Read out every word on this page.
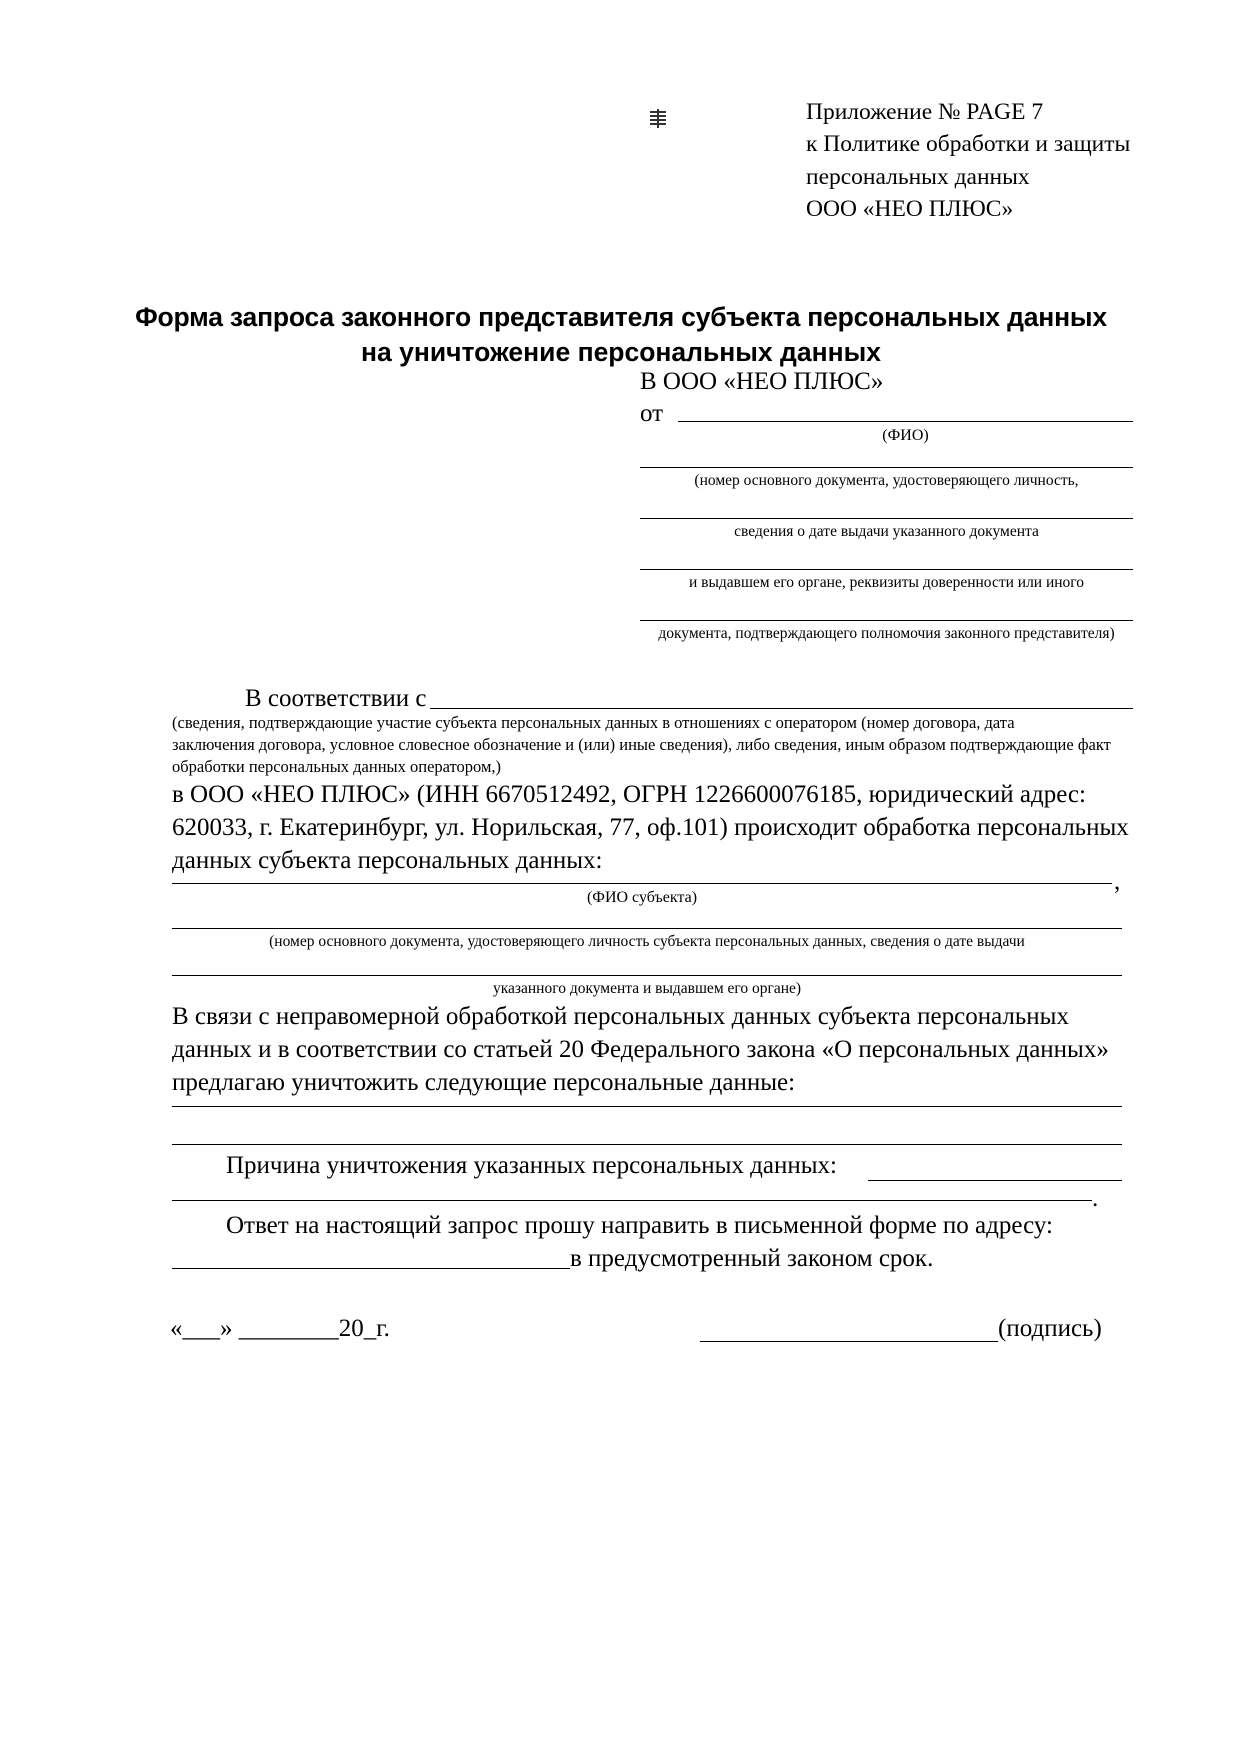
Приложение № PAGE 7
к Политике обработки и защиты
персональных данных
ООО «НЕО ПЛЮС»
Форма запроса законного представителя субъекта персональных данных
на уничтожение персональных данных
В ООО «НЕО ПЛЮС»
от
(ФИО)
(номер основного документа, удостоверяющего личность,
сведения о дате выдачи указанного документа
и выдавшем его органе, реквизиты доверенности или иного
документа, подтверждающего полномочия законного представителя)
В соответствии с
(сведения, подтверждающие участие субъекта персональных данных в отношениях с оператором (номер договора, дата
заключения договора, условное словесное обозначение и (или) иные сведения), либо сведения, иным образом подтверждающие факт
обработки персональных данных оператором,)
в ООО «НЕО ПЛЮС» (ИНН 6670512492, ОГРН 1226600076185, юридический адрес:
620033, г. Екатеринбург, ул. Норильская, 77, оф.101) происходит обработка персональных
данных субъекта персональных данных:
,
(ФИО субъекта)
(номер основного документа, удостоверяющего личность субъекта персональных данных, сведения о дате выдачи
указанного документа и выдавшем его органе)
В связи с неправомерной обработкой персональных данных субъекта персональных
данных и в соответствии со статьей 20 Федерального закона «О персональных данных»
предлагаю уничтожить следующие персональные данные:
Причина уничтожения указанных персональных данных:
.
Ответ на настоящий запрос прошу направить в письменной форме по адресу:
в предусмотренный законом срок.
«___» ________20_г.	(подпись)
